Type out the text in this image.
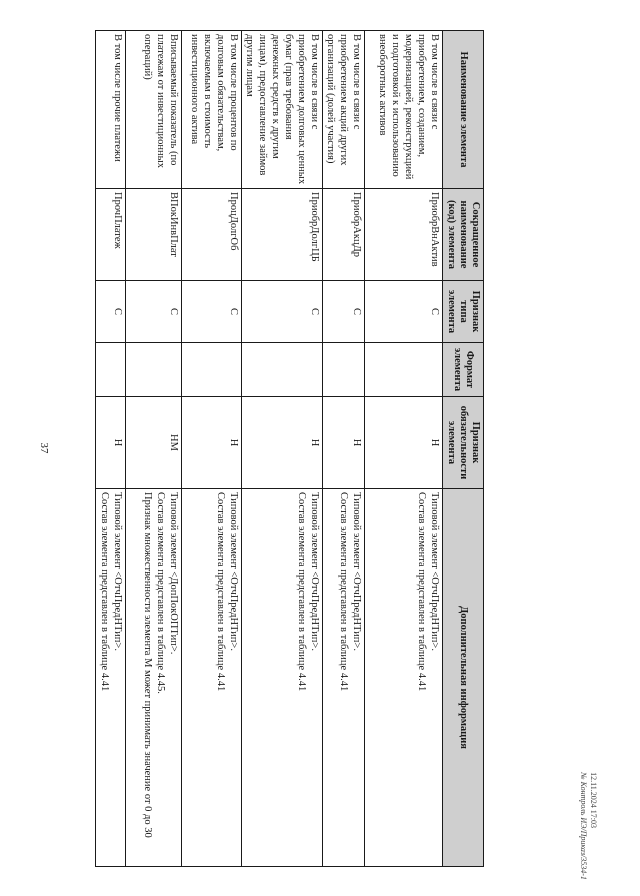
37
Наименование элемента	Сокращенное наименование (код) элемента	Признак типа элемента	Формат элемента	Признак обязательности элемента	Дополнительная информация
В том числе в связи с приобретением, созданием, модернизацией, реконструкцией и подготовкой к использованию внеоборотных активов	ПриобрВнАктив	С		Н	Типовой элемент <ОтчПредНТип>.
Состав элемента представлен в таблице 4.41

В том числе в связи с приобретением акций других организаций (долей участия)	ПриобрАкцДр	С		Н	Типовой элемент <ОтчПредНТип>.
Состав элемента представлен в таблице 4.41

В том числе в связи с приобретением долговых ценных бумаг (прав требования денежных средств к другим лицам), предоставление займов другим лицам	ПриобрДолгЦБ	С		Н	Типовой элемент <ОтчПредНТип>.
Состав элемента представлен в таблице 4.41

В том числе процентов по долговым обязательствам, включаемым в стоимость инвестиционного актива	ПроцДолгОб	С		Н	Типовой элемент <ОтчПредНТип>.
Состав элемента представлен в таблице 4.41

Вписываемый показатель (по платежам от инвестиционных операций)	ВПокИнвПлат	С		НМ	Типовой элемент <ДопПокОПТип>.
Состав элемента представлен в таблице 4.45.
Признак множественности элемента М может принимать значение от 0 до 30

В том числе прочие платежи	ПрочПлатеж	С		Н	Типовой элемент <ОтчПредНТип>.
Состав элемента представлен в таблице 4.41
12.11.2024 17:03
№ Контроль ИЭ/Приказ/3534-1
